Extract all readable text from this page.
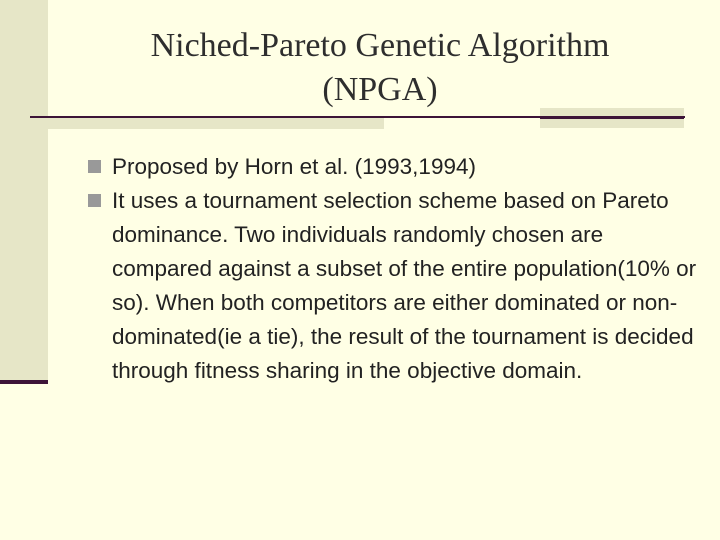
Niched-Pareto Genetic Algorithm
(NPGA)
Proposed by Horn et al. (1993,1994)
It uses a tournament selection scheme based on Pareto dominance. Two individuals randomly chosen are compared against a subset of the entire population(10% or so). When both competitors are either dominated or non-dominated(ie a tie), the result of the tournament is decided through fitness sharing in the objective domain.
